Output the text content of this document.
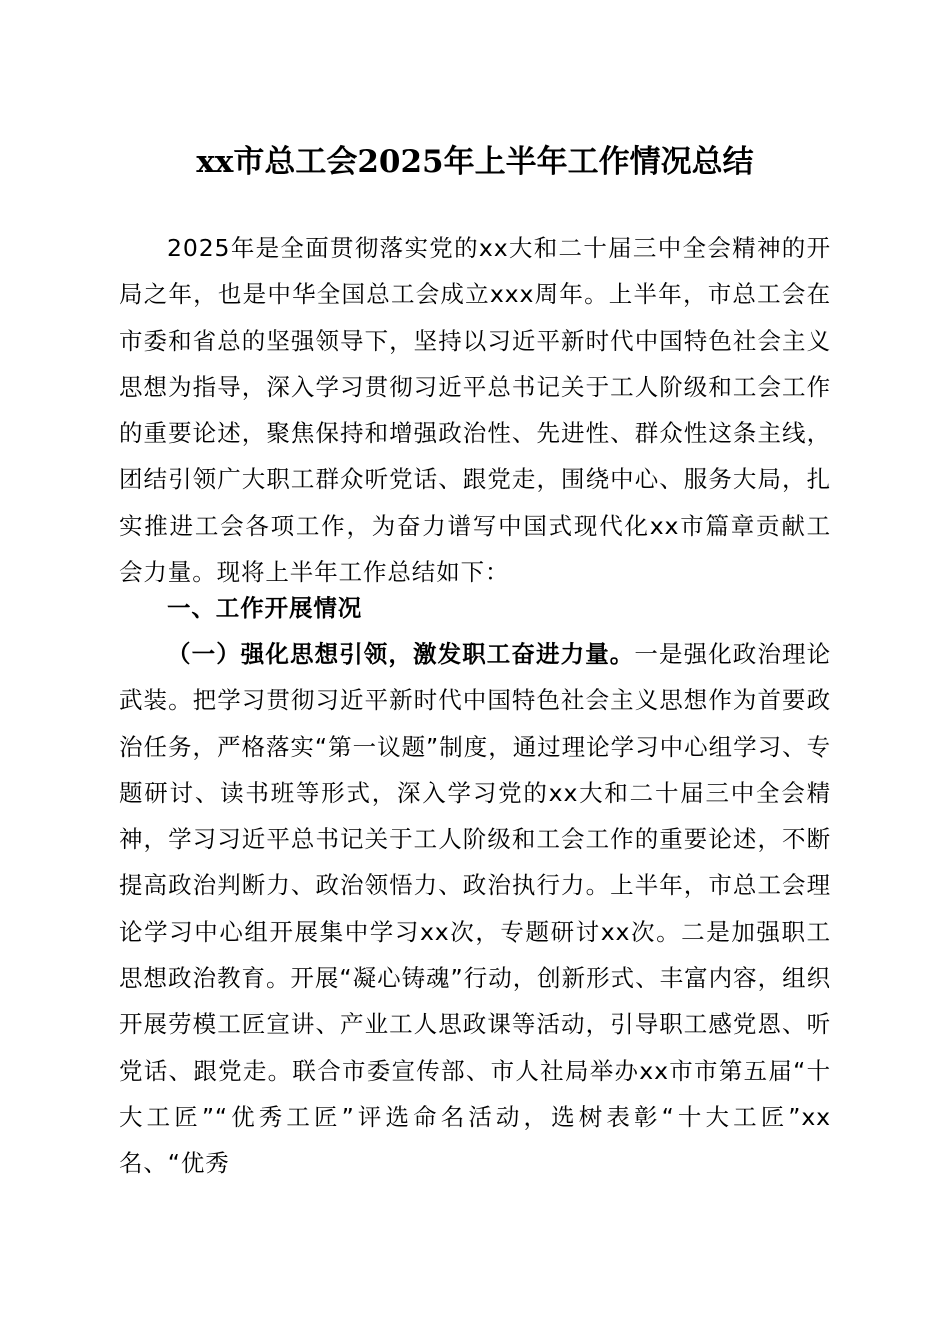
xx市总工会2025年上半年工作情况总结

2025年是全面贯彻落实党的xx大和二十届三中全会精神的开局之年，也是中华全国总工会成立xxx周年。上半年，市总工会在市委和省总的坚强领导下，坚持以习近平新时代中国特色社会主义思想为指导，深入学习贯彻习近平总书记关于工人阶级和工会工作的重要论述，聚焦保持和增强政治性、先进性、群众性这条主线，团结引领广大职工群众听党话、跟党走，围绕中心、服务大局，扎实推进工会各项工作，为奋力谱写中国式现代化xx市篇章贡献工会力量。现将上半年工作总结如下：

一、工作开展情况

（一）强化思想引领，激发职工奋进力量。一是强化政治理论武装。把学习贯彻习近平新时代中国特色社会主义思想作为首要政治任务，严格落实“第一议题”制度，通过理论学习中心组学习、专题研讨、读书班等形式，深入学习党的xx大和二十届三中全会精神，学习习近平总书记关于工人阶级和工会工作的重要论述，不断提高政治判断力、政治领悟力、政治执行力。上半年，市总工会理论学习中心组开展集中学习xx次，专题研讨xx次。二是加强职工思想政治教育。开展“凝心铸魂”行动，创新形式、丰富内容，组织开展劳模工匠宣讲、产业工人思政课等活动，引导职工感党恩、听党话、跟党走。联合市委宣传部、市人社局举办xx市市第五届“十大工匠”“优秀工匠”评选命名活动，选树表彰“十大工匠”xx名、“优秀
